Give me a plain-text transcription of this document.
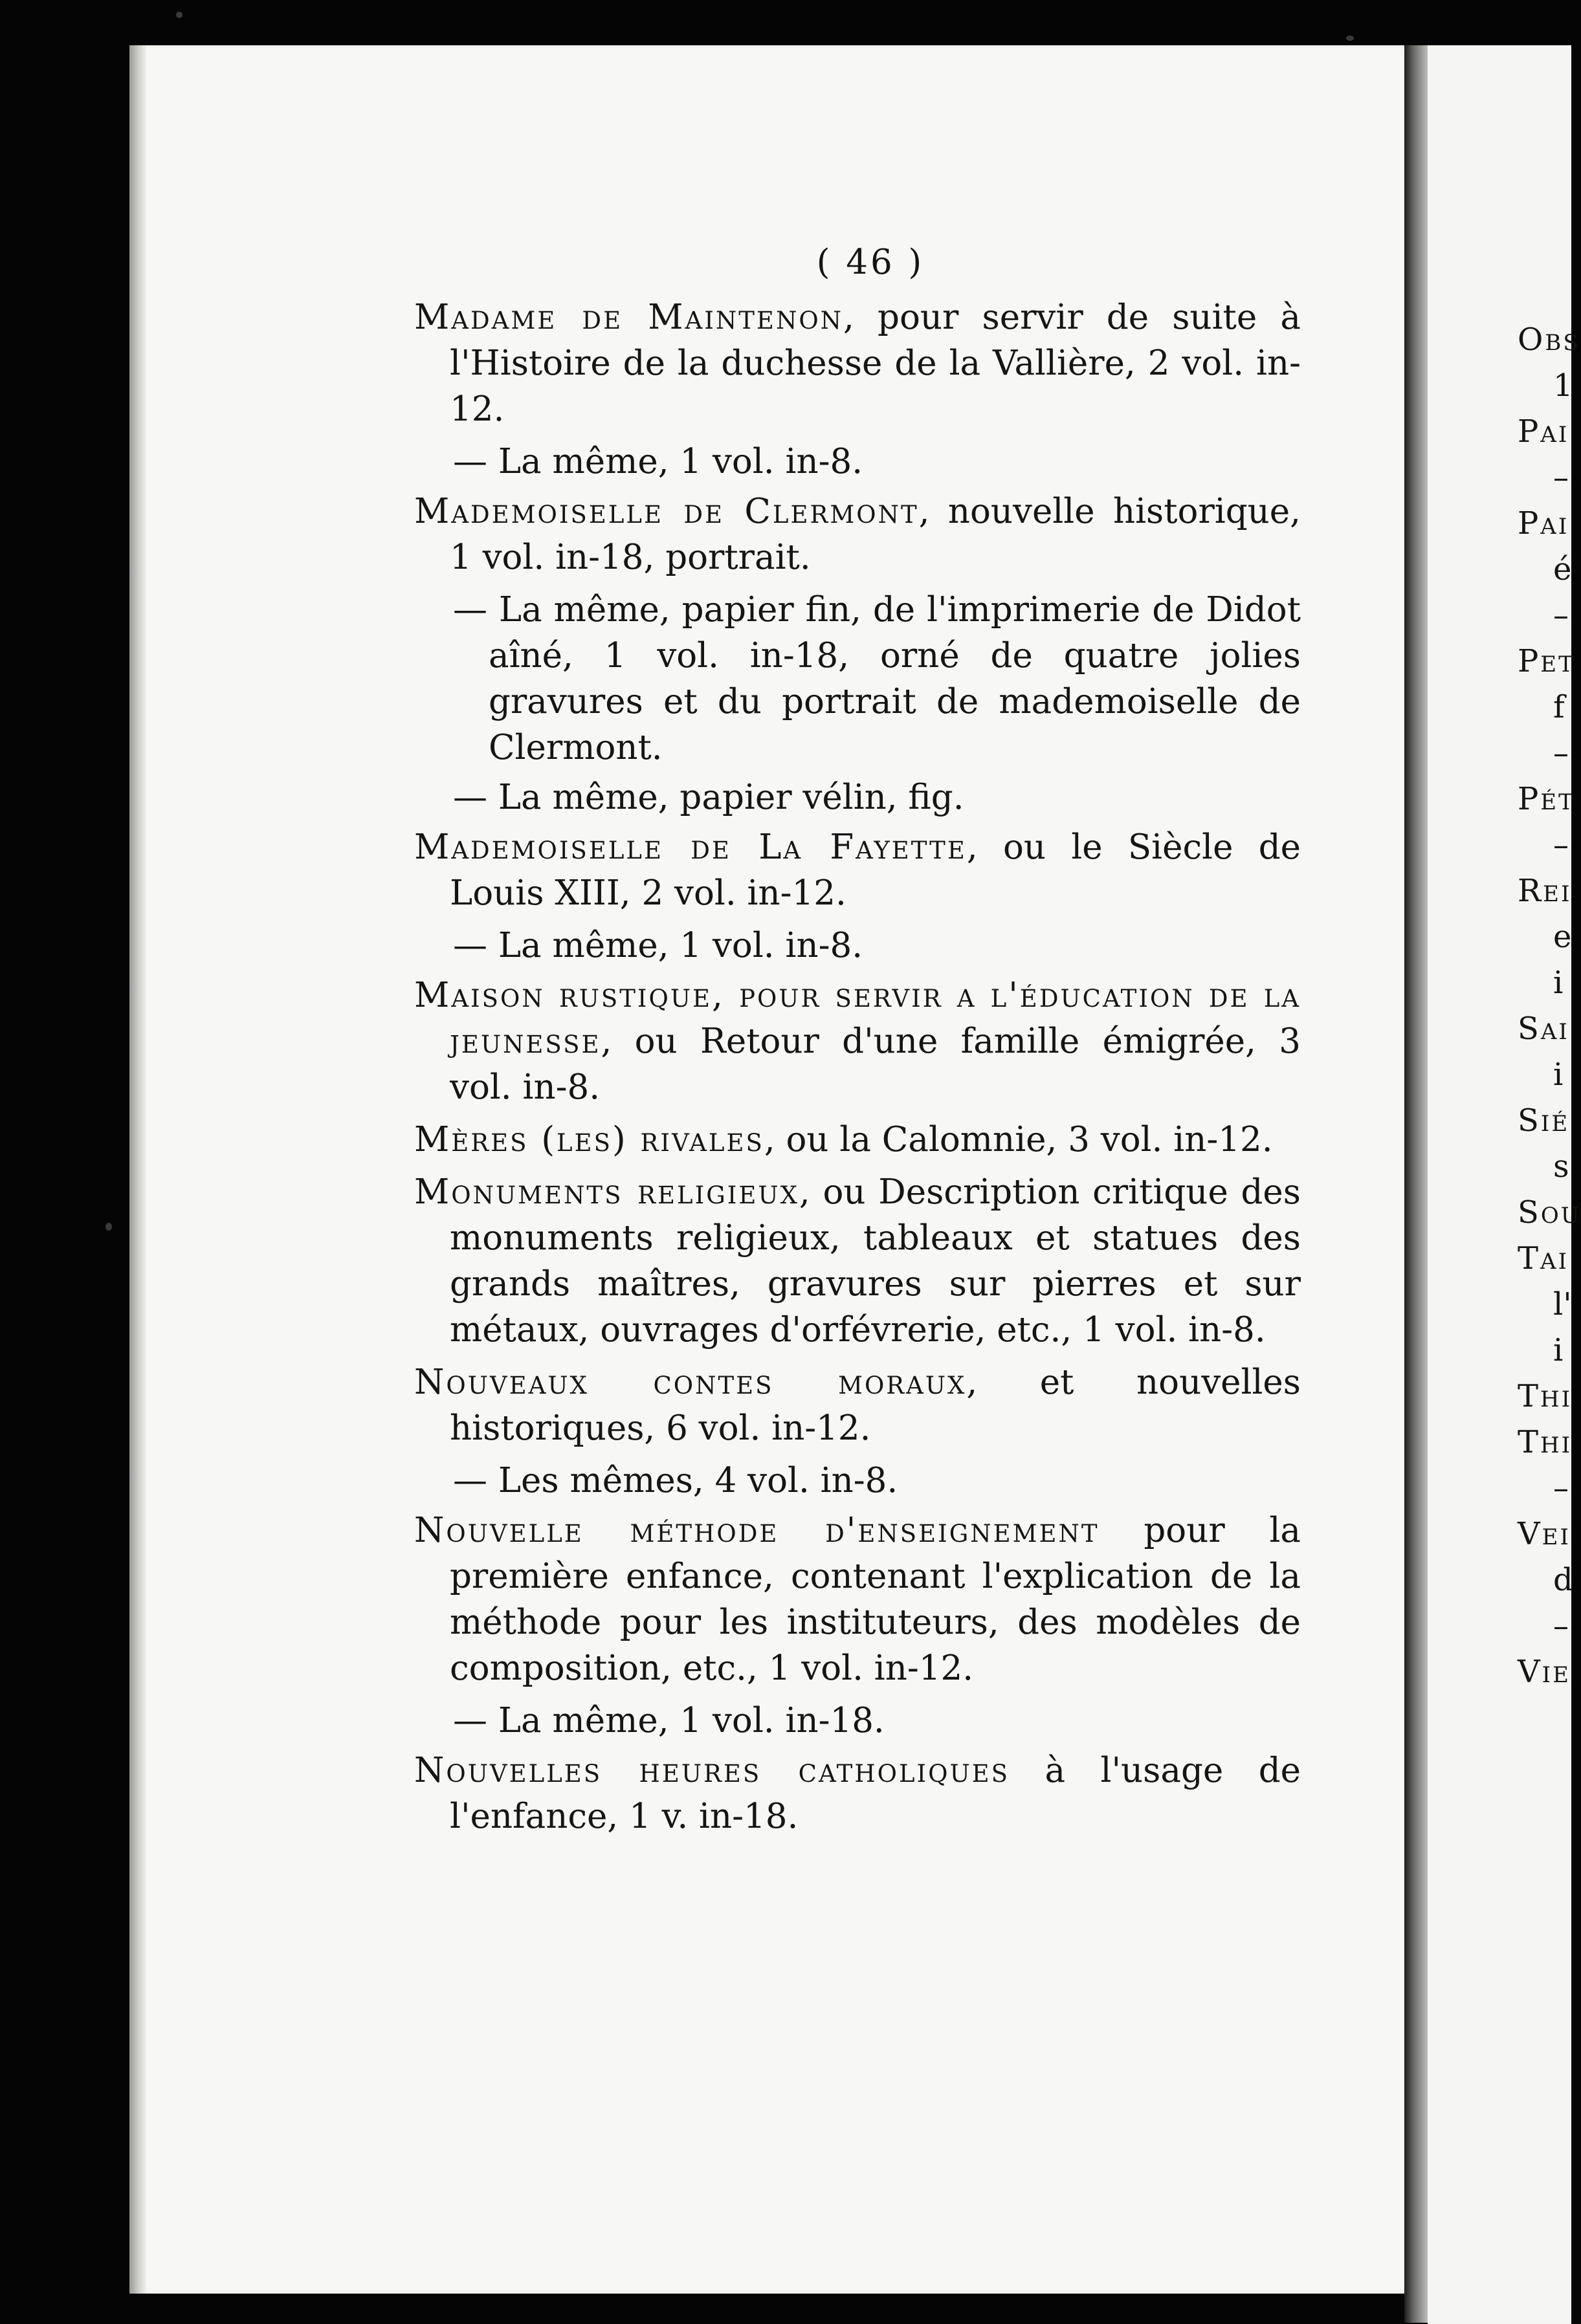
( 46 )
Madame de Maintenon, pour servir de suite à l'Histoire de la duchesse de la Vallière, 2 vol. in-12.
— La même, 1 vol. in-8.
Mademoiselle de Clermont, nouvelle historique, 1 vol. in-18, portrait.
— La même, papier fin, de l'imprimerie de Didot aîné, 1 vol. in-18, orné de quatre jolies gravures et du portrait de mademoiselle de Clermont.
— La même, papier vélin, fig.
Mademoiselle de La Fayette, ou le Siècle de Louis XIII, 2 vol. in-12.
— La même, 1 vol. in-8.
Maison rustique, pour servir a l'éducation de la jeunesse, ou Retour d'une famille émigrée, 3 vol. in-8.
Mères (les) rivales, ou la Calomnie, 3 vol. in-12.
Monuments religieux, ou Description critique des monuments religieux, tableaux et statues des grands maîtres, gravures sur pierres et sur métaux, ouvrages d'orfévrerie, etc., 1 vol. in-8.
Nouveaux contes moraux, et nouvelles historiques, 6 vol. in-12.
— Les mêmes, 4 vol. in-8.
Nouvelle méthode d'enseignement pour la première enfance, contenant l'explication de la méthode pour les instituteurs, des modèles de composition, etc., 1 vol. in-12.
— La même, 1 vol. in-18.
Nouvelles heures catholiques à l'usage de l'enfance, 1 v. in-18.
Obs
1
Pai
–
Pai
é
–
Pet
f
–
Pét
–
Rei
e
i
Sai
i
Sié
s
Sou
Tai
l'
i
Thi
Thi
–
Vei
d
–
Vie
